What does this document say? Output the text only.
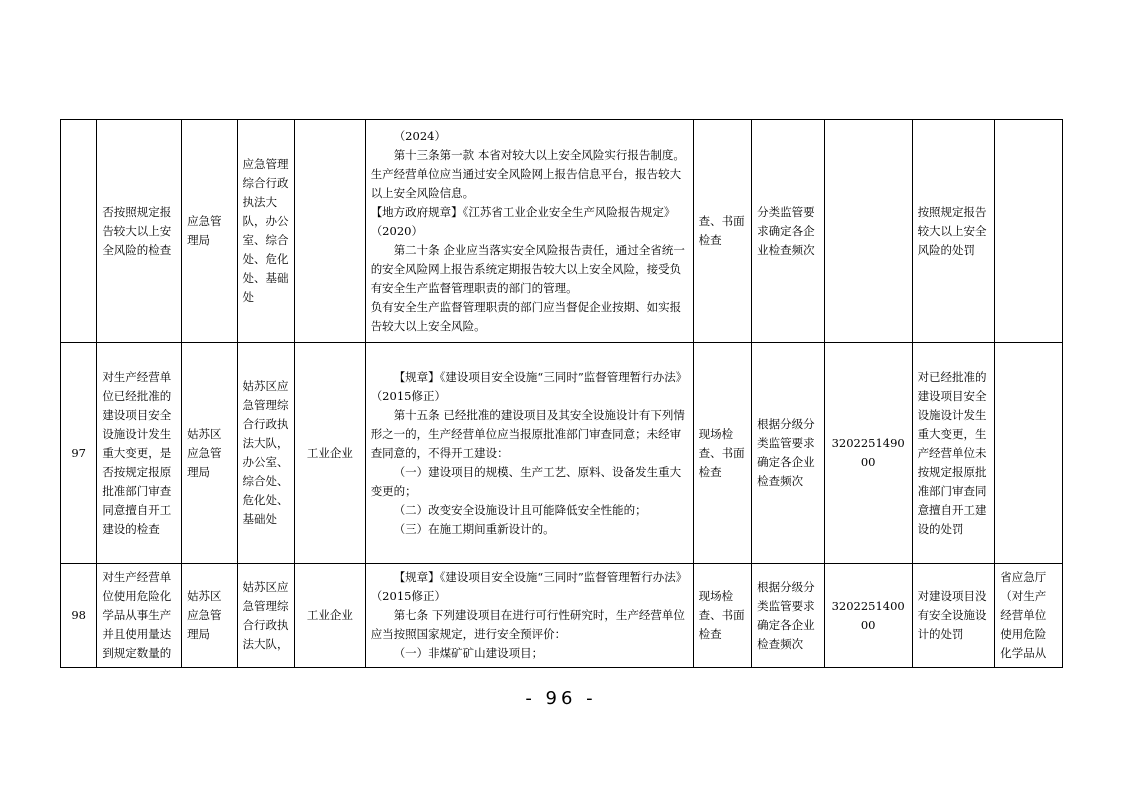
	否按照规定报告较大以上安全风险的检查	应急管理局	应急管理综合行政执法大队，办公室、综合处、危化处、基础处		（2024）

第十三条第一款 本省对较大以上安全风险实行报告制度。生产经营单位应当通过安全风险网上报告信息平台，报告较大以上安全风险信息。

【地方政府规章】《江苏省工业企业安全生产风险报告规定》（2020）

第二十条 企业应当落实安全风险报告责任，通过全省统一的安全风险网上报告系统定期报告较大以上安全风险，接受负有安全生产监督管理职责的部门的管理。

负有安全生产监督管理职责的部门应当督促企业按期、如实报告较大以上安全风险。	查、书面检查	分类监管要求确定各企业检查频次		按照规定报告较大以上安全风险的处罚	
97	对生产经营单位已经批准的建设项目安全设施设计发生重大变更，是否按规定报原批准部门审查同意擅自开工建设的检查	姑苏区应急管理局	姑苏区应急管理综合行政执法大队，办公室、综合处、危化处、基础处	工业企业	【规章】《建设项目安全设施“三同时”监督管理暂行办法》（2015修正）

第十五条 已经批准的建设项目及其安全设施设计有下列情形之一的，生产经营单位应当报原批准部门审查同意；未经审查同意的，不得开工建设：

（一）建设项目的规模、生产工艺、原料、设备发生重大变更的；

（二）改变安全设施设计且可能降低安全性能的；

（三）在施工期间重新设计的。	现场检查、书面检查	根据分级分类监管要求确定各企业检查频次	320225149000	对已经批准的建设项目安全设施设计发生重大变更，生产经营单位未按规定报原批准部门审查同意擅自开工建设的处罚	
98	对生产经营单位使用危险化学品从事生产并且使用量达到规定数量的	姑苏区应急管理局	姑苏区应急管理综合行政执法大队，	工业企业	【规章】《建设项目安全设施“三同时”监督管理暂行办法》（2015修正）

第七条 下列建设项目在进行可行性研究时，生产经营单位应当按照国家规定，进行安全预评价：

（一）非煤矿矿山建设项目；	现场检查、书面检查	根据分级分类监管要求确定各企业检查频次	320225140000	对建设项目没有安全设施设计的处罚	省应急厅（对生产经营单位使用危险化学品从
- 96 -
